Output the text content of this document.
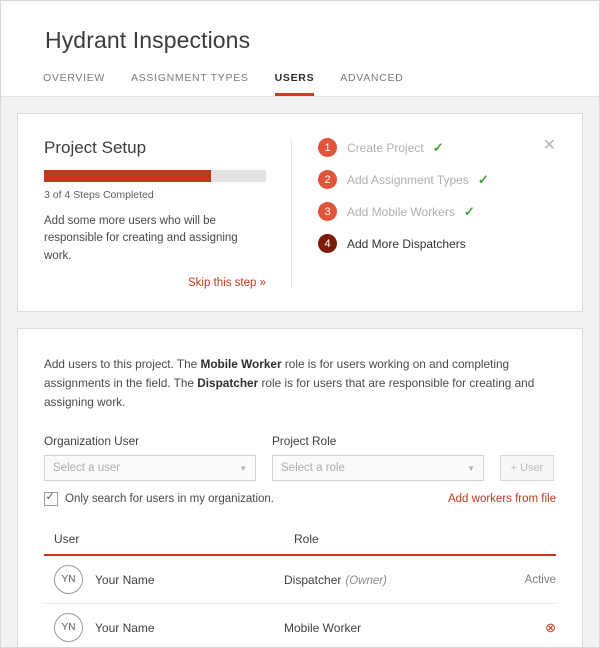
Hydrant Inspections
OVERVIEW ASSIGNMENT TYPES USERS ADVANCED
Project Setup
3 of 4 Steps Completed
Add some more users who will be responsible for creating and assigning work.
Skip this step »
✕
1	Create Project ✓
2	Add Assignment Types ✓
3	Add Mobile Workers ✓
4	Add More Dispatchers

Add users to this project. The Mobile Worker role is for users working on and completing assignments in the field. The Dispatcher role is for users that are responsible for creating and assigning work.

Organization User
Select a user	▼
Project Role
Select a role	▼	+ User
✓
Only search for users in my organization.	Add workers from file
User	Role
YN	Your Name	Dispatcher (Owner)	Active
YN	Your Name	Mobile Worker	⊗
